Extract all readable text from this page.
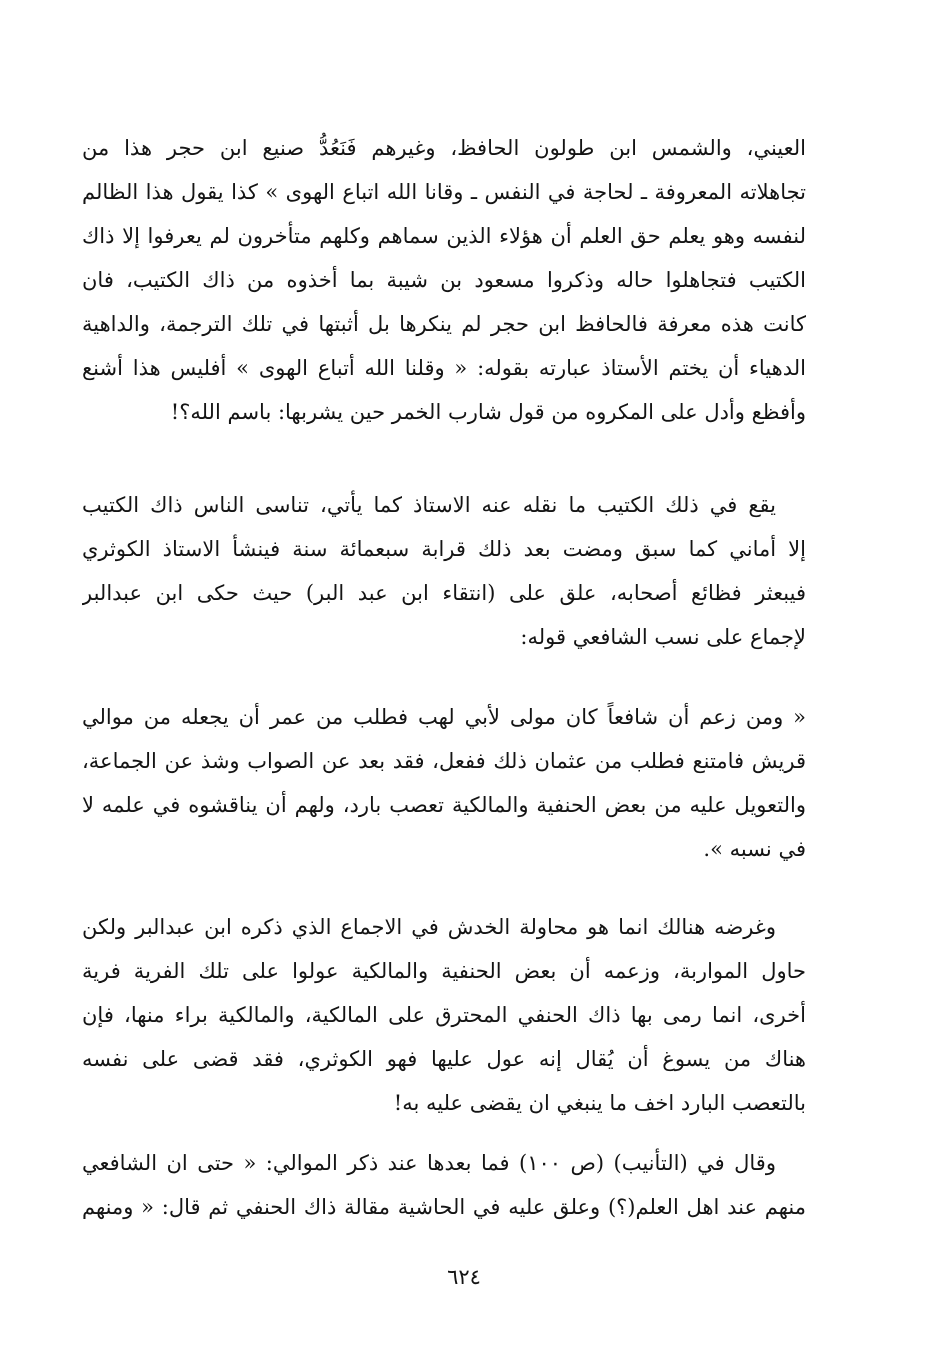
العيني، والشمس ابن طولون الحافظ، وغيرهم فَنَعُدُّ صنيع ابن حجر هذا من
تجاهلاته المعروفة ـ لحاجة في النفس ـ وقانا الله اتباع الهوى » كذا يقول هذا الظالم
لنفسه وهو يعلم حق العلم أن هؤلاء الذين سماهم وكلهم متأخرون لم يعرفوا إلا ذاك
الكتيب فتجاهلوا حاله وذكروا مسعود بن شيبة بما أخذوه من ذاك الكتيب، فان
كانت هذه معرفة فالحافظ ابن حجر لم ينكرها بل أثبتها في تلك الترجمة، والداهية
الدهياء أن يختم الأستاذ عبارته بقوله: « وقلنا الله أتباع الهوى » أفليس هذا أشنع
وأفظع وأدل على المكروه من قول شارب الخمر حين يشربها: باسم الله؟!
يقع في ذلك الكتيب ما نقله عنه الاستاذ كما يأتي، تناسى الناس ذاك الكتيب
إلا أماني كما سبق ومضت بعد ذلك قرابة سبعمائة سنة فينشأ الاستاذ الكوثري
فيبعثر فظائع أصحابه، علق على (انتقاء ابن عبد البر) حيث حكى ابن عبدالبر
لإجماع على نسب الشافعي قوله:
« ومن زعم أن شافعاً كان مولى لأبي لهب فطلب من عمر أن يجعله من موالي
قريش فامتنع فطلب من عثمان ذلك ففعل، فقد بعد عن الصواب وشذ عن الجماعة،
والتعويل عليه من بعض الحنفية والمالكية تعصب بارد، ولهم أن يناقشوه في علمه لا
في نسبه ».
وغرضه هنالك انما هو محاولة الخدش في الاجماع الذي ذكره ابن عبدالبر ولكن
حاول المواربة، وزعمه أن بعض الحنفية والمالكية عولوا على تلك الفرية فرية
أخرى، انما رمى بها ذاك الحنفي المحترق على المالكية، والمالكية براء منها، فإن
هناك من يسوغ أن يُقال إنه عول عليها فهو الكوثري، فقد قضى على نفسه
بالتعصب البارد اخف ما ينبغي ان يقضى عليه به!
وقال في (التأنيب) (ص ١٠٠) فما بعدها عند ذكر الموالي: « حتى ان الشافعي
منهم عند اهل العلم(؟) وعلق عليه في الحاشية مقالة ذاك الحنفي ثم قال: « ومنهم
٦٢٤
